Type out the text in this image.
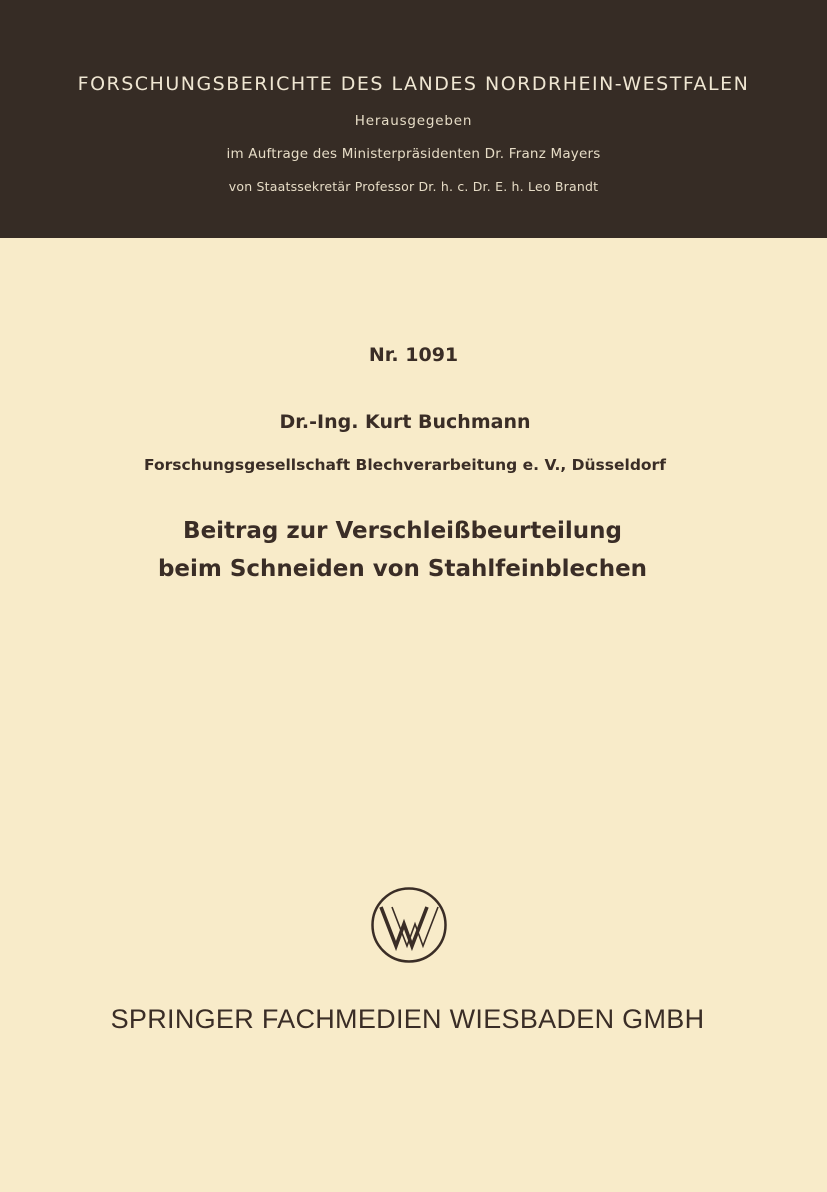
FORSCHUNGSBERICHTE DES LANDES NORDRHEIN-WESTFALEN
Herausgegeben
im Auftrage des Ministerpräsidenten Dr. Franz Mayers
von Staatssekretär Professor Dr. h. c. Dr. E. h. Leo Brandt
Nr. 1091
Dr.-Ing. Kurt Buchmann
Forschungsgesellschaft Blechverarbeitung e. V., Düsseldorf
Beitrag zur Verschleißbeurteilung
beim Schneiden von Stahlfeinblechen
SPRINGER FACHMEDIEN WIESBADEN GMBH
